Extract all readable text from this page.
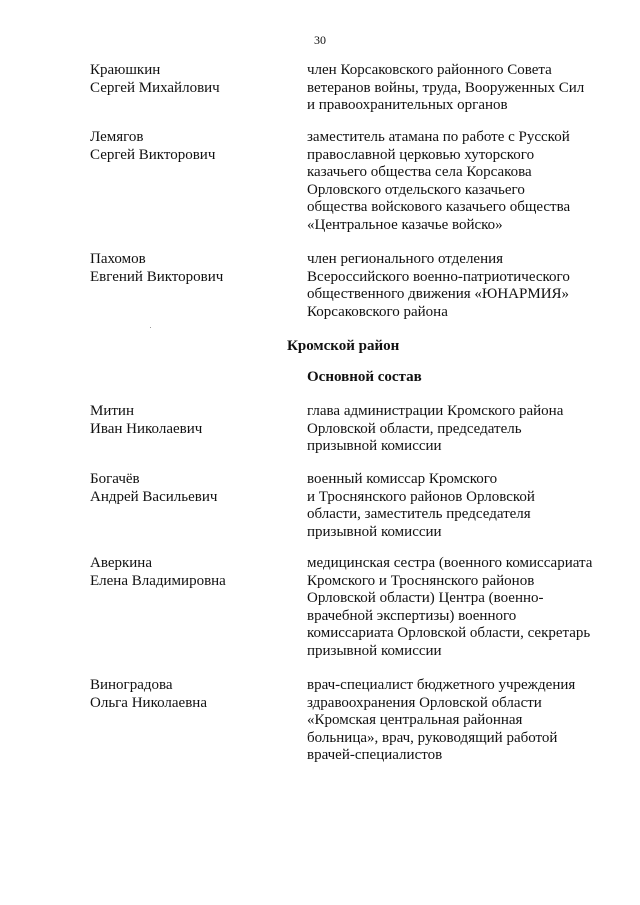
30
Краюшкин
Сергей Михайлович
член Корсаковского районного Совета
ветеранов войны, труда, Вооруженных Сил
и правоохранительных органов
Лемягов
Сергей Викторович
заместитель атамана по работе с Русской
православной церковью хуторского
казачьего общества села Корсакова
Орловского отдельского казачьего
общества войскового казачьего общества
«Центральное казачье войско»
Пахомов
Евгений Викторович
член регионального отделения
Всероссийского военно-патриотического
общественного движения «ЮНАРМИЯ»
Корсаковского района
Кромской район
Основной состав
Митин
Иван Николаевич
глава администрации Кромского района
Орловской области, председатель
призывной комиссии
Богачёв
Андрей Васильевич
военный комиссар Кромского
и Троснянского районов Орловской
области, заместитель председателя
призывной комиссии
Аверкина
Елена Владимировна
медицинская сестра (военного комиссариата
Кромского и Троснянского районов
Орловской области) Центра (военно-
врачебной экспертизы) военного
комиссариата Орловской области, секретарь
призывной комиссии
Виноградова
Ольга Николаевна
врач-специалист бюджетного учреждения
здравоохранения Орловской области
«Кромская центральная районная
больница», врач, руководящий работой
врачей-специалистов
